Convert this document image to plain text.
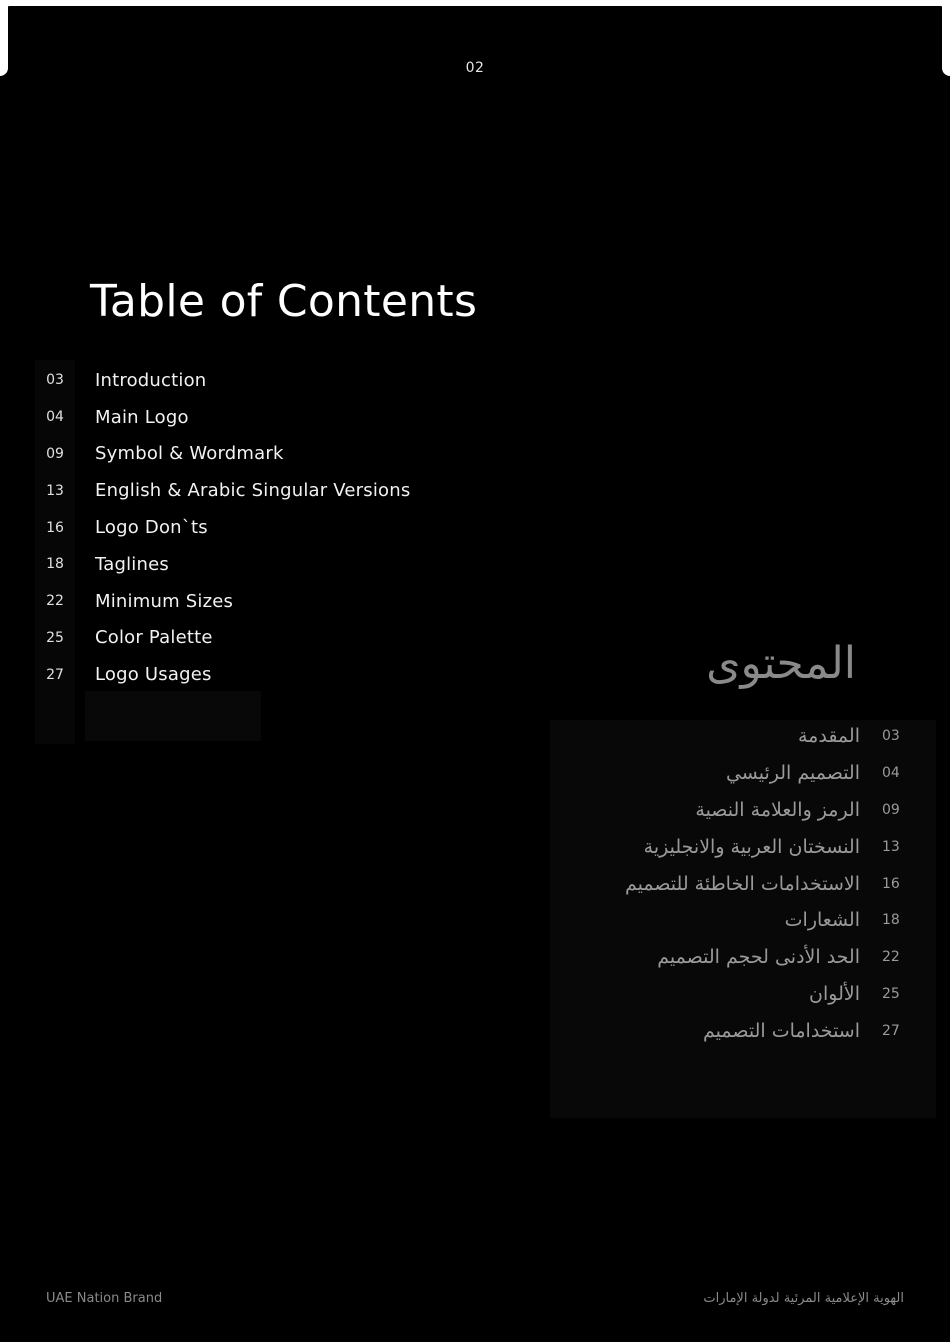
02
Table of Contents
03	Introduction
04	Main Logo
09	Symbol & Wordmark
13	English & Arabic Singular Versions
16	Logo Don`ts
18	Taglines
22	Minimum Sizes
25	Color Palette
27	Logo Usages	المحتوى
المقدمة 03
التصميم الرئيسي 04
الرمز والعلامة النصية 09
النسختان العربية والانجليزية 13
الاستخدامات الخاطئة للتصميم 16
الشعارات 18
الحد الأدنى لحجم التصميم 22
الألوان 25
استخدامات التصميم 27
UAE Nation Brand	الهوية الإعلامية المرئية لدولة الإمارات
